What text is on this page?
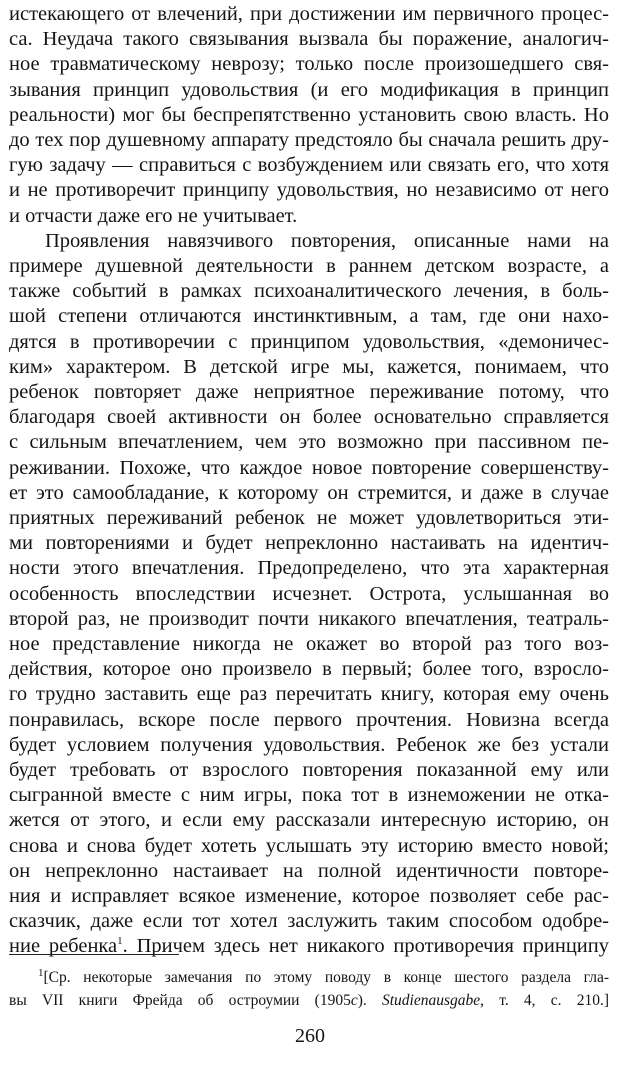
истекающего от влечений, при достижении им первичного процес-
са. Неудача такого связывания вызвала бы поражение, аналогич-
ное травматическому неврозу; только после произошедшего свя-
зывания принцип удовольствия (и его модификация в принцип
реальности) мог бы беспрепятственно установить свою власть. Но
до тех пор душевному аппарату предстояло бы сначала решить дру-
гую задачу — справиться с возбуждением или связать его, что хотя
и не противоречит принципу удовольствия, но независимо от него
и отчасти даже его не учитывает.
Проявления навязчивого повторения, описанные нами на
примере душевной деятельности в раннем детском возрасте, а
также событий в рамках психоаналитического лечения, в боль-
шой степени отличаются инстинктивным, а там, где они нахо-
дятся в противоречии с принципом удовольствия, «демоничес-
ким» характером. В детской игре мы, кажется, понимаем, что
ребенок повторяет даже неприятное переживание потому, что
благодаря своей активности он более основательно справляется
с сильным впечатлением, чем это возможно при пассивном пе-
реживании. Похоже, что каждое новое повторение совершенству-
ет это самообладание, к которому он стремится, и даже в случае
приятных переживаний ребенок не может удовлетвориться эти-
ми повторениями и будет непреклонно настаивать на идентич-
ности этого впечатления. Предопределено, что эта характерная
особенность впоследствии исчезнет. Острота, услышанная во
второй раз, не производит почти никакого впечатления, театраль-
ное представление никогда не окажет во второй раз того воз-
действия, которое оно произвело в первый; более того, взросло-
го трудно заставить еще раз перечитать книгу, которая ему очень
понравилась, вскоре после первого прочтения. Новизна всегда
будет условием получения удовольствия. Ребенок же без устали
будет требовать от взрослого повторения показанной ему или
сыгранной вместе с ним игры, пока тот в изнеможении не отка-
жется от этого, и если ему рассказали интересную историю, он
снова и снова будет хотеть услышать эту историю вместо новой;
он непреклонно настаивает на полной идентичности повторе-
ния и исправляет всякое изменение, которое позволяет себе рас-
сказчик, даже если тот хотел заслужить таким способом одобре-
ние ребенка$^1$. Причем здесь нет никакого противоречия принципу
$^1$[Ср. некоторые замечания по этому поводу в конце шестого раздела гла-
вы VII книги Фрейда об остроумии (1905c). Studienausgabe, т. 4, с. 210.]
260
